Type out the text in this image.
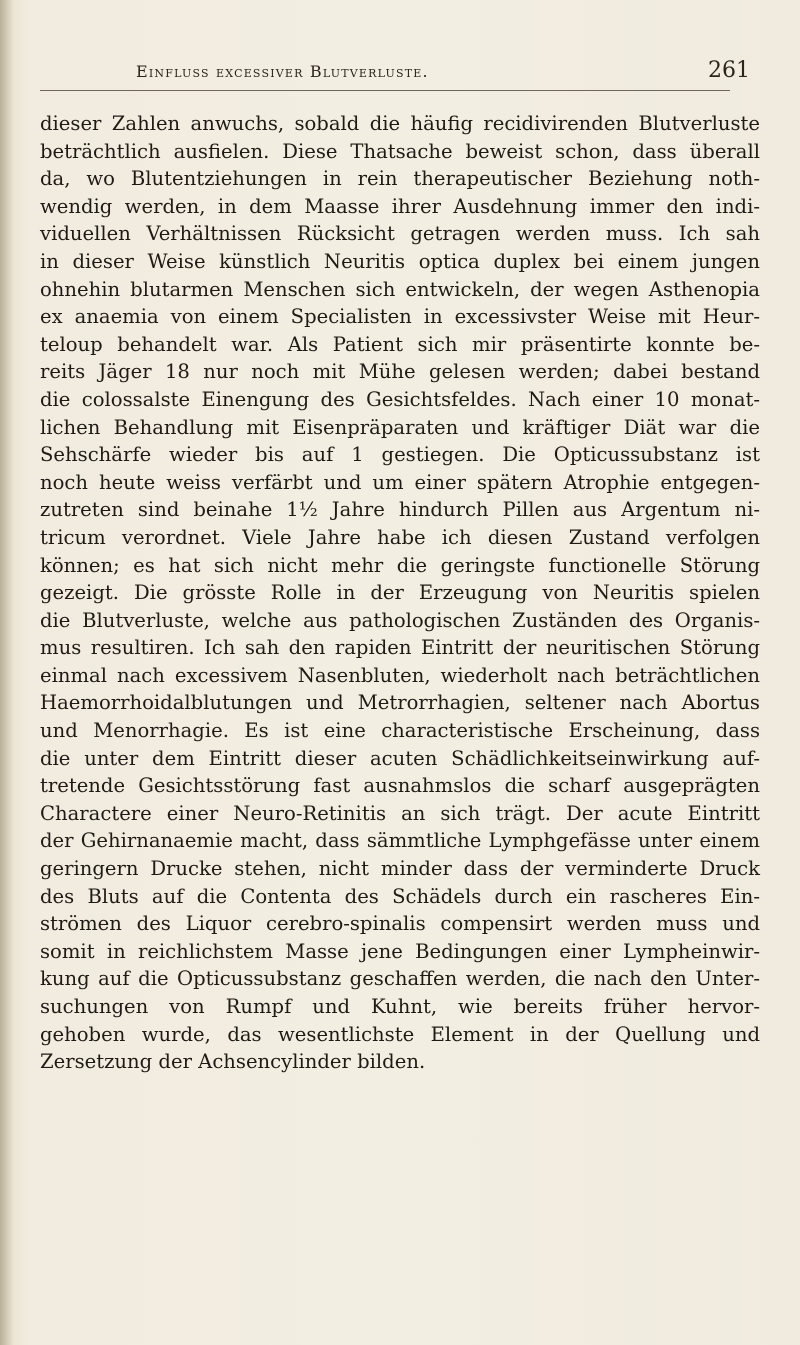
Einfluss excessiver Blutverluste.	261
dieser Zahlen anwuchs, sobald die häufig recidivirenden Blutverluste
beträchtlich ausfielen. Diese Thatsache beweist schon, dass überall
da, wo Blutentziehungen in rein therapeutischer Beziehung noth-
wendig werden, in dem Maasse ihrer Ausdehnung immer den indi-
viduellen Verhältnissen Rücksicht getragen werden muss. Ich sah
in dieser Weise künstlich Neuritis optica duplex bei einem jungen
ohnehin blutarmen Menschen sich entwickeln, der wegen Asthenopia
ex anaemia von einem Specialisten in excessivster Weise mit Heur-
teloup behandelt war. Als Patient sich mir präsentirte konnte be-
reits Jäger 18 nur noch mit Mühe gelesen werden; dabei bestand
die colossalste Einengung des Gesichtsfeldes. Nach einer 10 monat-
lichen Behandlung mit Eisenpräparaten und kräftiger Diät war die
Sehschärfe wieder bis auf 1 gestiegen. Die Opticussubstanz ist
noch heute weiss verfärbt und um einer spätern Atrophie entgegen-
zutreten sind beinahe 1½ Jahre hindurch Pillen aus Argentum ni-
tricum verordnet. Viele Jahre habe ich diesen Zustand verfolgen
können; es hat sich nicht mehr die geringste functionelle Störung
gezeigt. Die grösste Rolle in der Erzeugung von Neuritis spielen
die Blutverluste, welche aus pathologischen Zuständen des Organis-
mus resultiren. Ich sah den rapiden Eintritt der neuritischen Störung
einmal nach excessivem Nasenbluten, wiederholt nach beträchtlichen
Haemorrhoidalblutungen und Metrorrhagien, seltener nach Abortus
und Menorrhagie. Es ist eine characteristische Erscheinung, dass
die unter dem Eintritt dieser acuten Schädlichkeitseinwirkung auf-
tretende Gesichtsstörung fast ausnahmslos die scharf ausgeprägten
Charactere einer Neuro-Retinitis an sich trägt. Der acute Eintritt
der Gehirnanaemie macht, dass sämmtliche Lymphgefässe unter einem
geringern Drucke stehen, nicht minder dass der verminderte Druck
des Bluts auf die Contenta des Schädels durch ein rascheres Ein-
strömen des Liquor cerebro-spinalis compensirt werden muss und
somit in reichlichstem Masse jene Bedingungen einer Lympheinwir-
kung auf die Opticussubstanz geschaffen werden, die nach den Unter-
suchungen von Rumpf und Kuhnt, wie bereits früher hervor-
gehoben wurde, das wesentlichste Element in der Quellung und
Zersetzung der Achsencylinder bilden.
